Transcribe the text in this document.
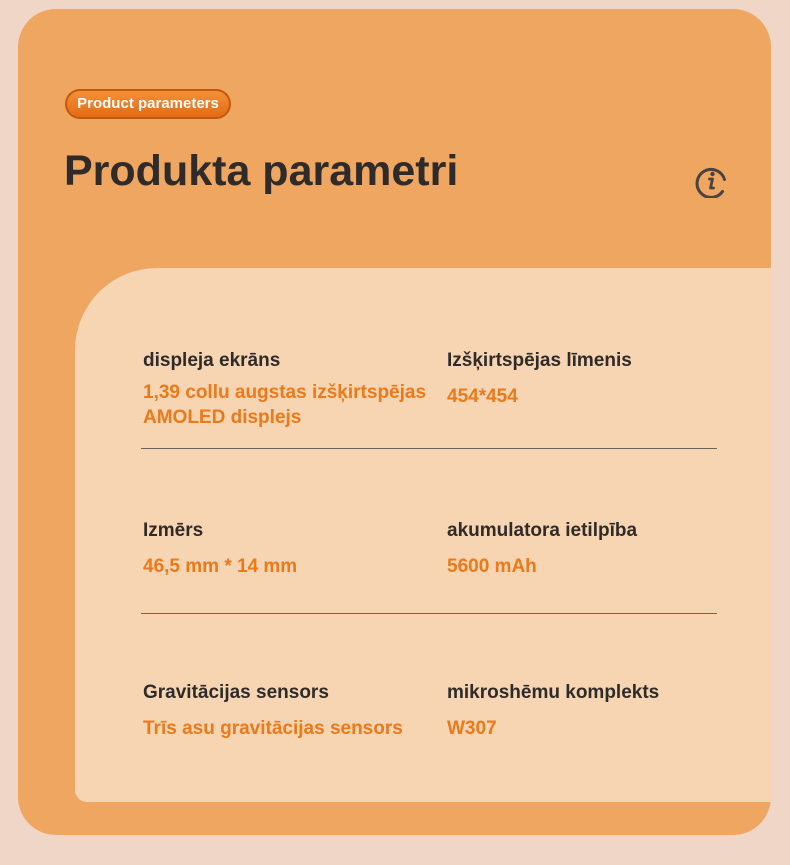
Product parameters
Produkta parametri
displeja ekrāns
1,39 collu augstas izšķirtspējas AMOLED displejs
Izšķirtspējas līmenis
454*454
Izmērs
46,5 mm * 14 mm
akumulatora ietilpība
5600 mAh
Gravitācijas sensors
Trīs asu gravitācijas sensors
mikroshēmu komplekts
W307
